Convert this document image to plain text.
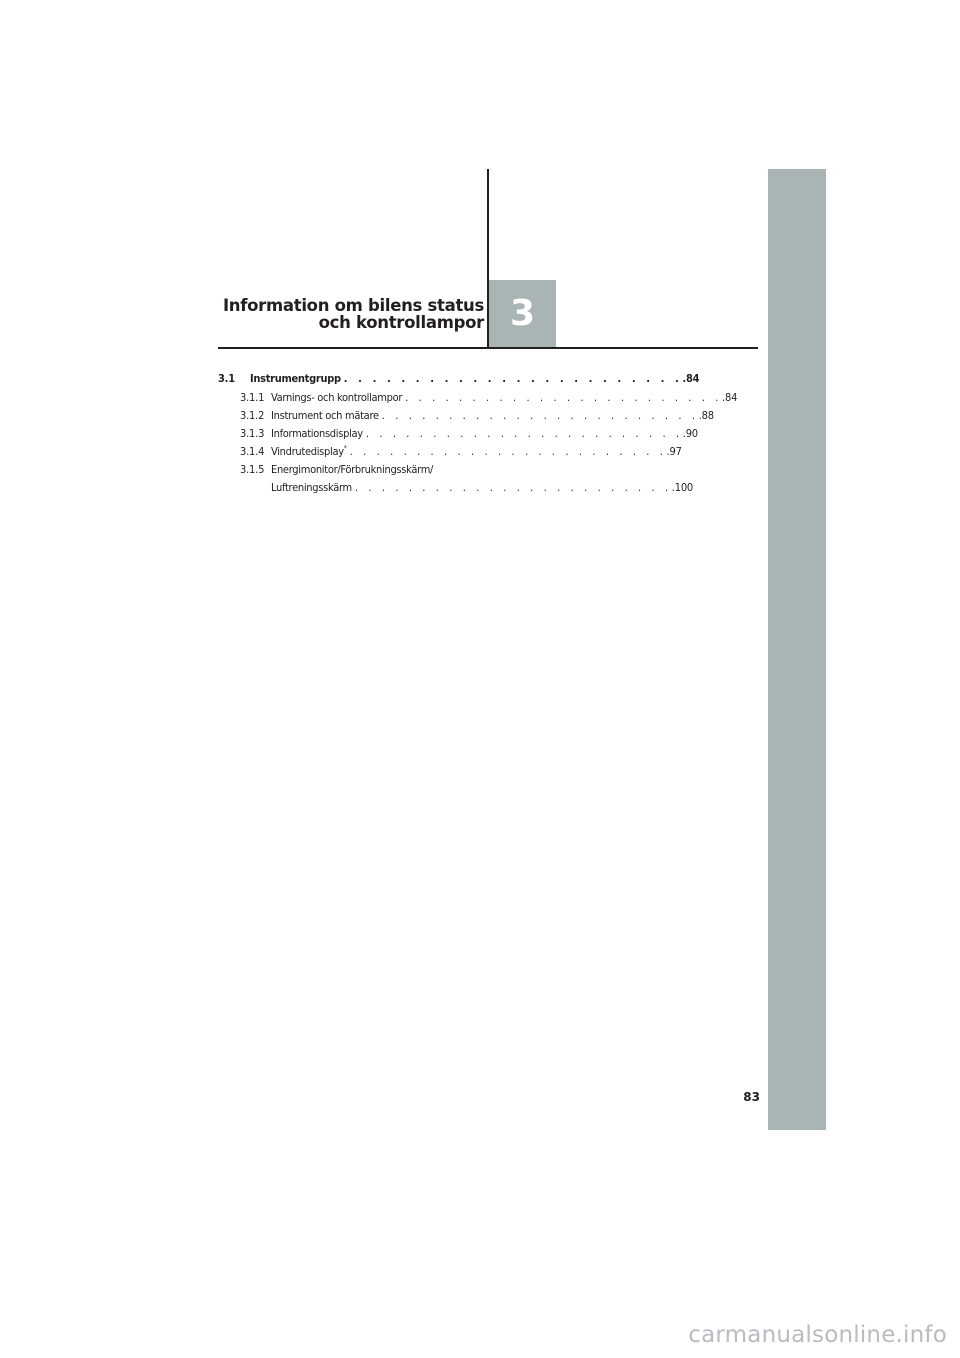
Information om bilens status
och kontrollampor 3
3.1	Instrumentgrupp . . . . . . . . . . . . . . . . . . . . . . . . .84
3.1.1 Varnings- och kontrollampor . . . . . . . . . . . . . . . . . . . . . . . . .84
3.1.2 Instrument och mätare . . . . . . . . . . . . . . . . . . . . . . . . .88
3.1.3 Informationsdisplay . . . . . . . . . . . . . . . . . . . . . . . . .90
3.1.4 Vindrutedisplay* . . . . . . . . . . . . . . . . . . . . . . . . .97
3.1.5 Energimonitor/Förbrukningsskärm/
Luftreningsskärm . . . . . . . . . . . . . . . . . . . . . . . . .100
83
carmanualsonline.info
